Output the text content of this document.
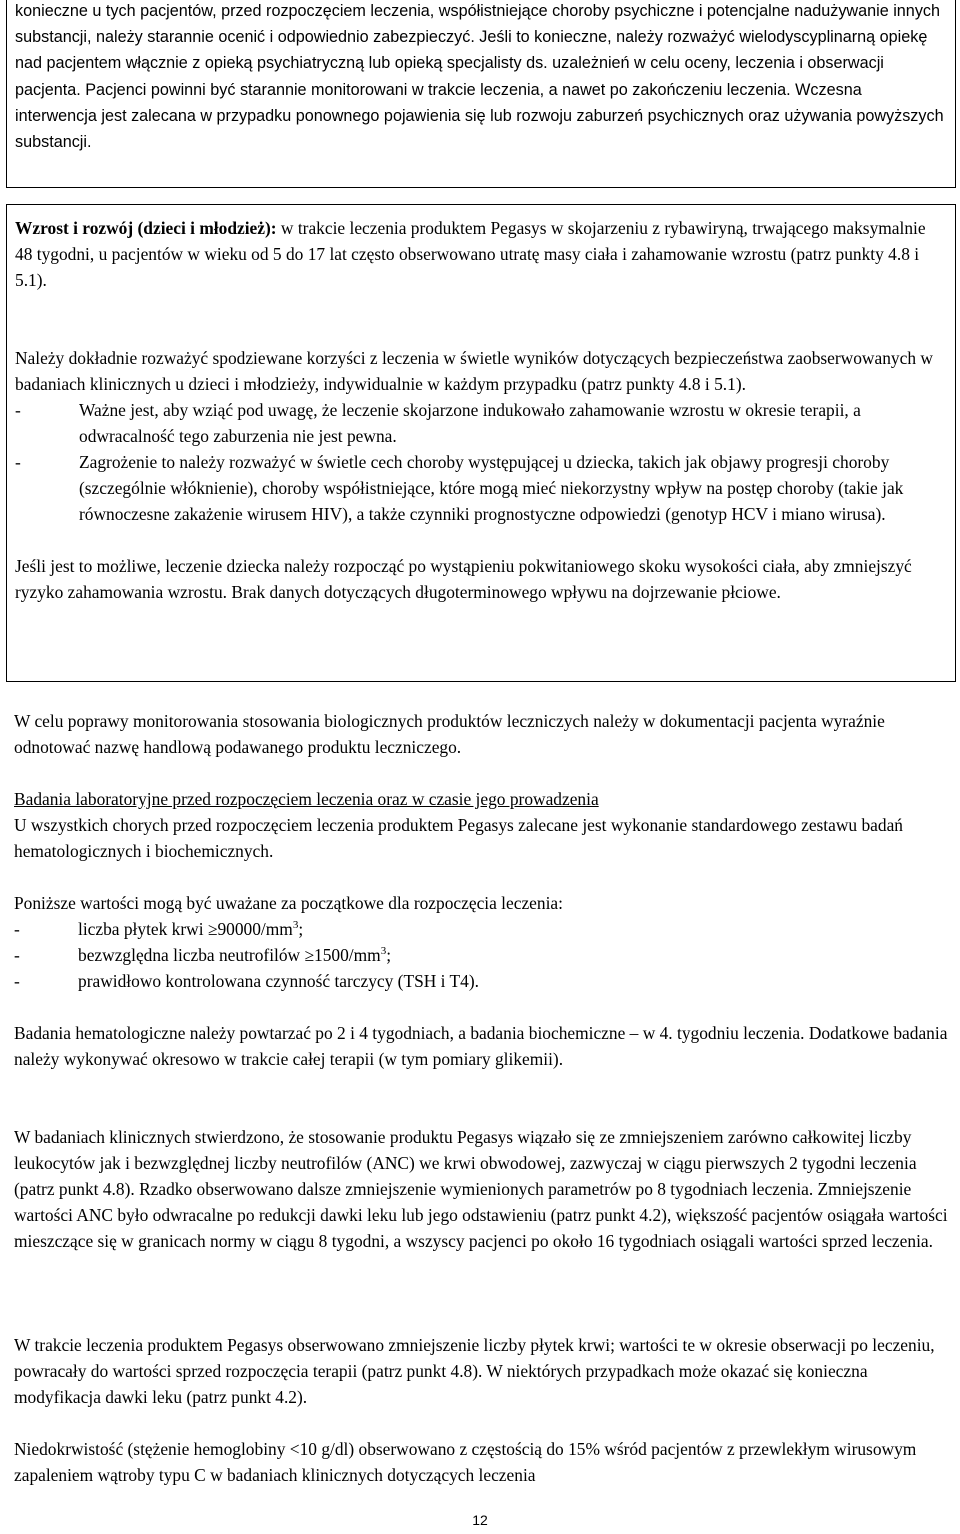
konieczne u tych pacjentów, przed rozpoczęciem leczenia, współistniejące choroby psychiczne i potencjalne nadużywanie innych substancji, należy starannie ocenić i odpowiednio zabezpieczyć. Jeśli to konieczne, należy rozważyć wielodyscyplinarną opiekę nad pacjentem włącznie z opieką psychiatryczną lub opieką specjalisty ds. uzależnień w celu oceny, leczenia i obserwacji pacjenta. Pacjenci powinni być starannie monitorowani w trakcie leczenia, a nawet po zakończeniu leczenia. Wczesna interwencja jest zalecana w przypadku ponownego pojawienia się lub rozwoju zaburzeń psychicznych oraz używania powyższych substancji.

Wzrost i rozwój (dzieci i młodzież): w trakcie leczenia produktem Pegasys w skojarzeniu z rybawiryną, trwającego maksymalnie 48 tygodni, u pacjentów w wieku od 5 do 17 lat często obserwowano utratę masy ciała i zahamowanie wzrostu (patrz punkty 4.8 i 5.1).

Należy dokładnie rozważyć spodziewane korzyści z leczenia w świetle wyników dotyczących bezpieczeństwa zaobserwowanych w badaniach klinicznych u dzieci i młodzieży, indywidualnie w każdym przypadku (patrz punkty 4.8 i 5.1).

-	Ważne jest, aby wziąć pod uwagę, że leczenie skojarzone indukowało zahamowanie wzrostu w okresie terapii, a odwracalność tego zaburzenia nie jest pewna.
-	Zagrożenie to należy rozważyć w świetle cech choroby występującej u dziecka, takich jak objawy progresji choroby (szczególnie włóknienie), choroby współistniejące, które mogą mieć niekorzystny wpływ na postęp choroby (takie jak równoczesne zakażenie wirusem HIV), a także czynniki prognostyczne odpowiedzi (genotyp HCV i miano wirusa).

Jeśli jest to możliwe, leczenie dziecka należy rozpocząć po wystąpieniu pokwitaniowego skoku wysokości ciała, aby zmniejszyć ryzyko zahamowania wzrostu. Brak danych dotyczących długoterminowego wpływu na dojrzewanie płciowe.

W celu poprawy monitorowania stosowania biologicznych produktów leczniczych należy w dokumentacji pacjenta wyraźnie odnotować nazwę handlową podawanego produktu leczniczego.

Badania laboratoryjne przed rozpoczęciem leczenia oraz w czasie jego prowadzenia

U wszystkich chorych przed rozpoczęciem leczenia produktem Pegasys zalecane jest wykonanie standardowego zestawu badań hematologicznych i biochemicznych.

Poniższe wartości mogą być uważane za początkowe dla rozpoczęcia leczenia:

-	liczba płytek krwi $\ge 90000/mm^3$;
-	bezwzględna liczba neutrofilów $\ge 1500/mm^3$;
-	prawidłowo kontrolowana czynność tarczycy (TSH i T4).

Badania hematologiczne należy powtarzać po 2 i 4 tygodniach, a badania biochemiczne – w 4. tygodniu leczenia. Dodatkowe badania należy wykonywać okresowo w trakcie całej terapii (w tym pomiary glikemii).

W badaniach klinicznych stwierdzono, że stosowanie produktu Pegasys wiązało się ze zmniejszeniem zarówno całkowitej liczby leukocytów jak i bezwzględnej liczby neutrofilów (ANC) we krwi obwodowej, zazwyczaj w ciągu pierwszych 2 tygodni leczenia (patrz punkt 4.8). Rzadko obserwowano dalsze zmniejszenie wymienionych parametrów po 8 tygodniach leczenia. Zmniejszenie wartości ANC było odwracalne po redukcji dawki leku lub jego odstawieniu (patrz punkt 4.2), większość pacjentów osiągała wartości mieszczące się w granicach normy w ciągu 8 tygodni, a wszyscy pacjenci po około 16 tygodniach osiągali wartości sprzed leczenia.

W trakcie leczenia produktem Pegasys obserwowano zmniejszenie liczby płytek krwi; wartości te w okresie obserwacji po leczeniu, powracały do wartości sprzed rozpoczęcia terapii (patrz punkt 4.8). W niektórych przypadkach może okazać się konieczna modyfikacja dawki leku (patrz punkt 4.2).

Niedokrwistość (stężenie hemoglobiny <10 g/dl) obserwowano z częstością do 15% wśród pacjentów z przewlekłym wirusowym zapaleniem wątroby typu C w badaniach klinicznych dotyczących leczenia

12
